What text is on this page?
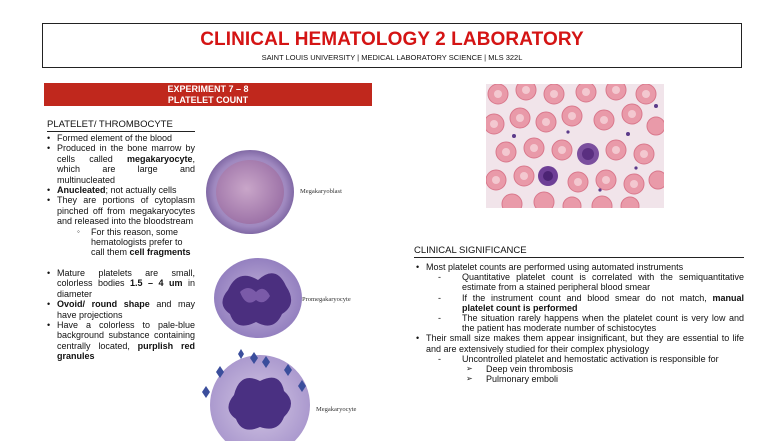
CLINICAL HEMATOLOGY 2 LABORATORY
SAINT LOUIS UNIVERSITY | MEDICAL LABORATORY SCIENCE | MLS 322L
EXPERIMENT 7 – 8
PLATELET COUNT
PLATELET/ THROMBOCYTE
• Formed element of the blood
• Produced in the bone marrow by cells called megakaryocyte, which are large and multinucleated
• Anucleated; not actually cells
• They are portions of cytoplasm pinched off from megakaryocytes and released into the bloodstream
◦ For this reason, some hematologists prefer to call them cell fragments
• Mature platelets are small, colorless bodies 1.5 – 4 um in diameter
• Ovoid/ round shape and may have projections
• Have a colorless to pale-blue background substance containing centrally located, purplish red granules
Megakaryoblast
Promegakaryocyte
Megakaryocyte
CLINICAL SIGNIFICANCE
• Most platelet counts are performed using automated instruments
- Quantitative platelet count is correlated with the semiquantitative estimate from a stained peripheral blood smear
- If the instrument count and blood smear do not match, manual platelet count is performed
- The situation rarely happens when the platelet count is very low and the patient has moderate number of schistocytes
• Their small size makes them appear insignificant, but they are essential to life and are extensively studied for their complex physiology
- Uncontrolled platelet and hemostatic activation is responsible for
➢ Deep vein thrombosis
➢ Pulmonary emboli
